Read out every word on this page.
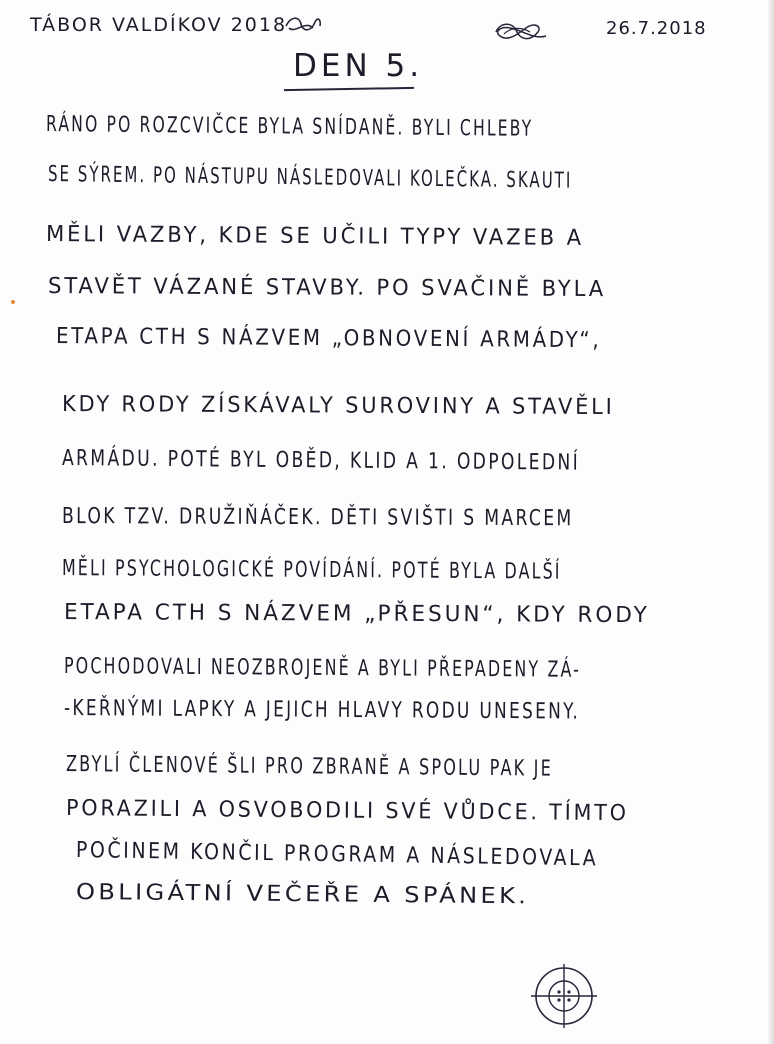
TÁBOR VALDÍKOV 2018	26.7.2018
DEN 5.
RÁNO PO ROZCVIČCE BYLA SNÍDANĚ. BYLI CHLEBY
SE SÝREM. PO NÁSTUPU NÁSLEDOVALI KOLEČKA. SKAUTI
MĚLI VAZBY, KDE SE UČILI TYPY VAZEB A
STAVĚT VÁZANÉ STAVBY. PO SVAČINĚ BYLA
ETAPA CTH S NÁZVEM „OBNOVENÍ ARMÁDY“,
KDY RODY ZÍSKÁVALY SUROVINY A STAVĚLI
ARMÁDU. POTÉ BYL OBĚD, KLID A 1. ODPOLEDNÍ
BLOK TZV. DRUŽIŇÁČEK. DĚTI SVIŠTI S MARCEM
MĚLI PSYCHOLOGICKÉ POVÍDÁNÍ. POTÉ BYLA DALŠÍ
ETAPA CTH S NÁZVEM „PŘESUN“, KDY RODY
POCHODOVALI NEOZBROJENĚ A BYLI PŘEPADENY ZÁ-
-KEŘNÝMI LAPKY A JEJICH HLAVY RODU UNESENY.
ZBYLÍ ČLENOVÉ ŠLI PRO ZBRANĚ A SPOLU PAK JE
PORAZILI A OSVOBODILI SVÉ VŮDCE. TÍMTO
POČINEM KONČIL PROGRAM A NÁSLEDOVALA
OBLIGÁTNÍ VEČEŘE A SPÁNEK.
